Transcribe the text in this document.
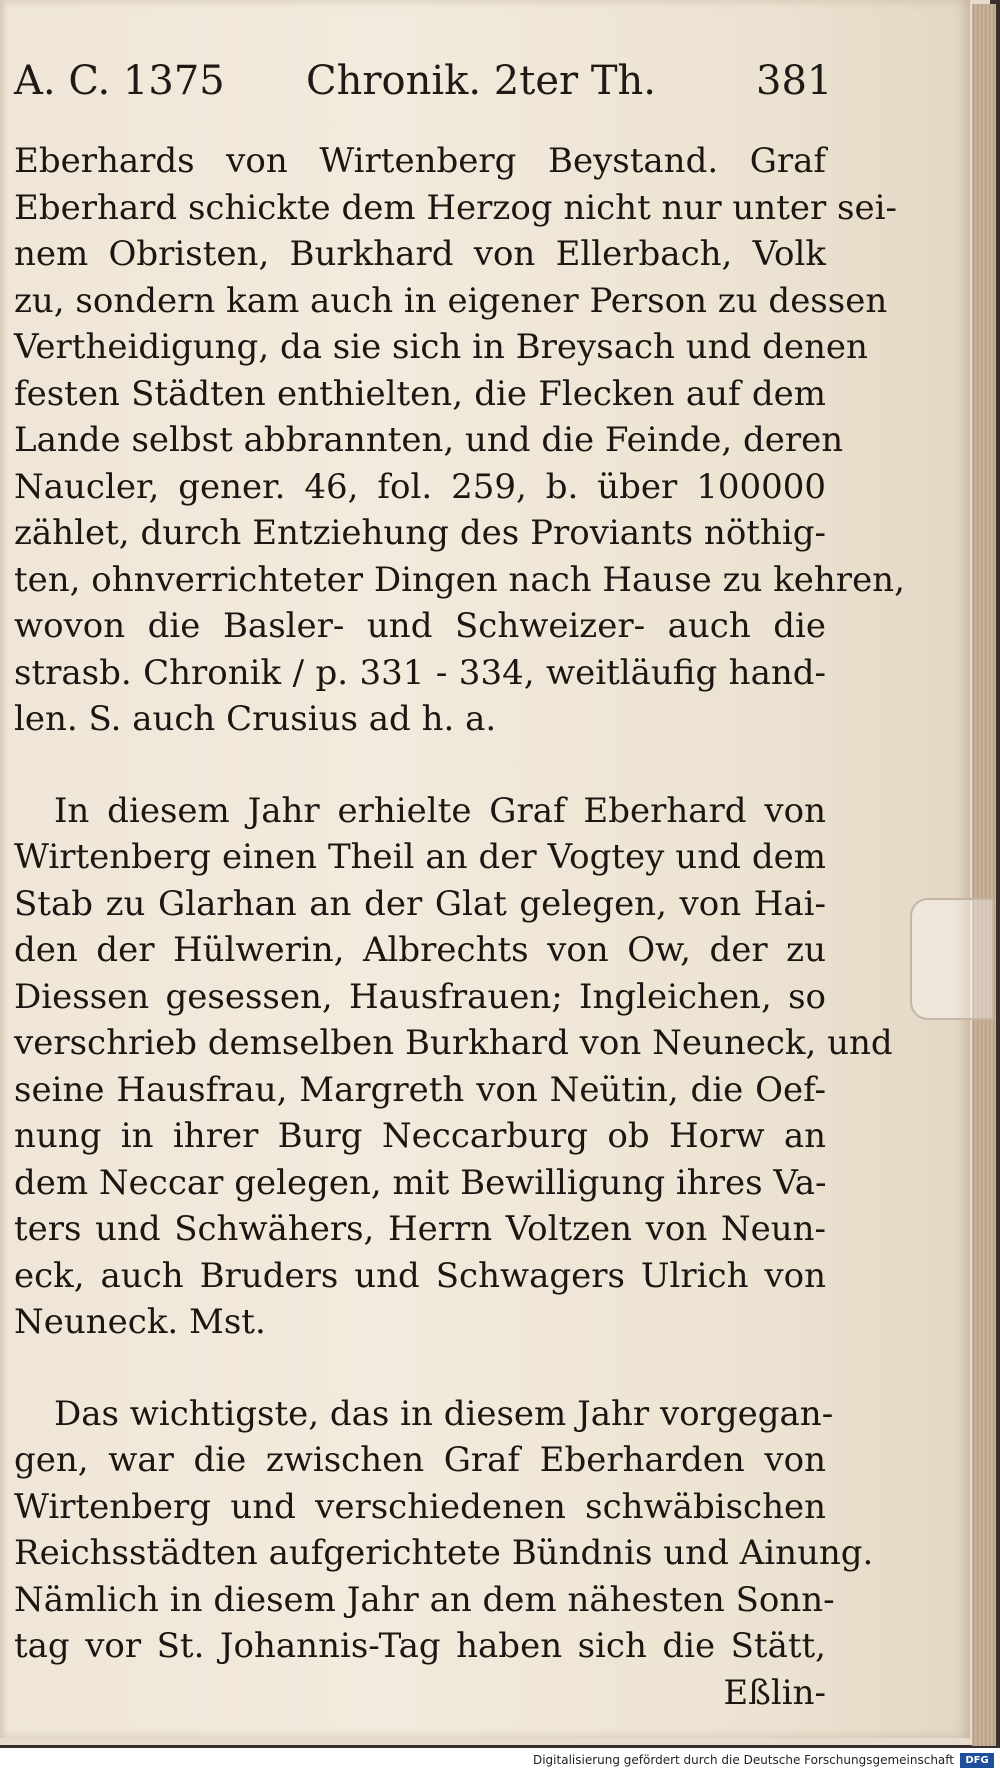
A. C. 1375 Chronik. 2ter Th.	381
Eberhards von Wirtenberg Beystand. Graf
Eberhard schickte dem Herzog nicht nur unter sei-
nem Obristen, Burkhard von Ellerbach, Volk
zu, sondern kam auch in eigener Person zu dessen
Vertheidigung, da sie sich in Breysach und denen
festen Städten enthielten, die Flecken auf dem
Lande selbst abbrannten, und die Feinde, deren
Naucler, gener. 46, fol. 259, b. über 100000
zählet, durch Entziehung des Proviants nöthig-
ten, ohnverrichteter Dingen nach Hause zu kehren,
wovon die Basler- und Schweizer- auch die
strasb. Chronik / p. 331 - 334, weitläufig hand-
len. S. auch Crusius ad h. a.
In diesem Jahr erhielte Graf Eberhard von
Wirtenberg einen Theil an der Vogtey und dem
Stab zu Glarhan an der Glat gelegen, von Hai-
den der Hülwerin, Albrechts von Ow, der zu
Diessen gesessen, Hausfrauen; Ingleichen, so
verschrieb demselben Burkhard von Neuneck, und
seine Hausfrau, Margreth von Neütin, die Oef-
nung in ihrer Burg Neccarburg ob Horw an
dem Neccar gelegen, mit Bewilligung ihres Va-
ters und Schwähers, Herrn Voltzen von Neun-
eck, auch Bruders und Schwagers Ulrich von
Neuneck. Mst.
Das wichtigste, das in diesem Jahr vorgegan-
gen, war die zwischen Graf Eberharden von
Wirtenberg und verschiedenen schwäbischen
Reichsstädten aufgerichtete Bündnis und Ainung.
Nämlich in diesem Jahr an dem nähesten Sonn-
tag vor St. Johannis-Tag haben sich die Stätt,
Eßlin-
Digitalisierung gefördert durch die Deutsche Forschungsgemeinschaft	DFG
